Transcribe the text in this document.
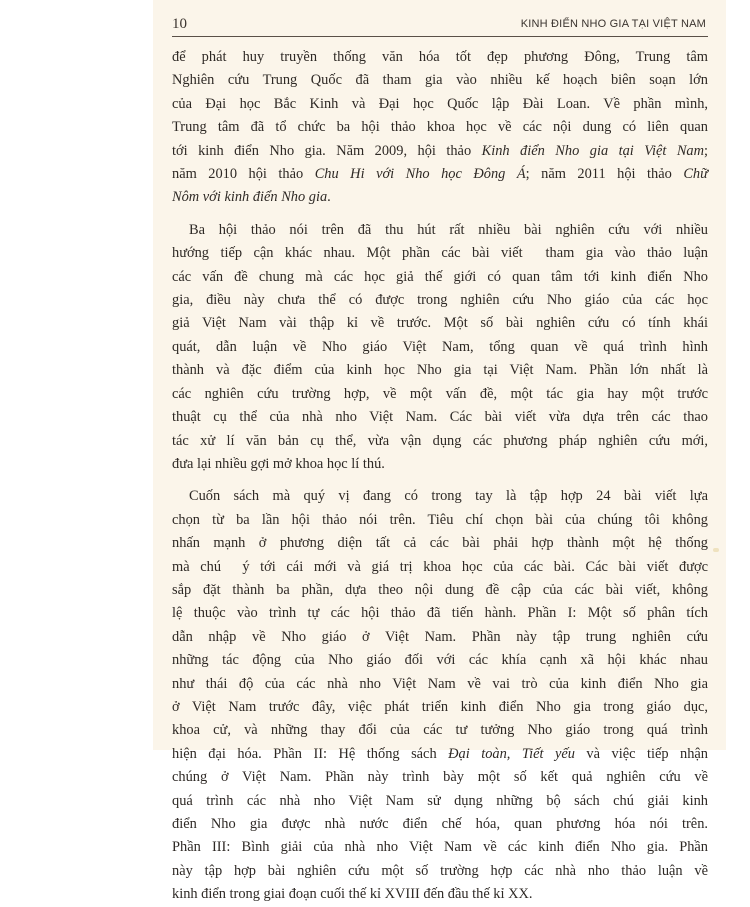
10	KINH ĐIỂN NHO GIA TẠI VIỆT NAM
để phát huy truyền thống văn hóa tốt đẹp phương Đông, Trung tâm
Nghiên cứu Trung Quốc đã tham gia vào nhiều kế hoạch biên soạn lớn
của Đại học Bắc Kinh và Đại học Quốc lập Đài Loan. Về phần mình,
Trung tâm đã tổ chức ba hội thảo khoa học về các nội dung có liên quan
tới kinh điển Nho gia. Năm 2009, hội thảo Kinh điển Nho gia tại Việt Nam;
năm 2010 hội thảo Chu Hi với Nho học Đông Á; năm 2011 hội thảo Chữ
Nôm với kinh điển Nho gia.
Ba hội thảo nói trên đã thu hút rất nhiều bài nghiên cứu với nhiều
hướng tiếp cận khác nhau. Một phần các bài viết  tham gia vào thảo luận
các vấn đề chung mà các học giả thế giới có quan tâm tới kinh điển Nho
gia, điều này chưa thể có được trong nghiên cứu Nho giáo của các học
giả Việt Nam vài thập kỉ về trước. Một số bài nghiên cứu có tính khái
quát, dẫn luận về Nho giáo Việt Nam, tổng quan về quá trình hình
thành và đặc điểm của kinh học Nho gia tại Việt Nam. Phần lớn nhất là
các nghiên cứu trường hợp, về một vấn đề, một tác gia hay một trước
thuật cụ thể của nhà nho Việt Nam. Các bài viết vừa dựa trên các thao
tác xử lí văn bản cụ thể, vừa vận dụng các phương pháp nghiên cứu mới,
đưa lại nhiều gợi mở khoa học lí thú.
Cuốn sách mà quý vị đang có trong tay là tập hợp 24 bài viết lựa
chọn từ ba lần hội thảo nói trên. Tiêu chí chọn bài của chúng tôi không
nhấn mạnh ở phương diện tất cả các bài phải hợp thành một hệ thống
mà chú  ý tới cái mới và giá trị khoa học của các bài. Các bài viết được
sắp đặt thành ba phần, dựa theo nội dung đề cập của các bài viết, không
lệ thuộc vào trình tự các hội thảo đã tiến hành. Phần I: Một số phân tích
dẫn nhập về Nho giáo ở Việt Nam. Phần này tập trung nghiên cứu
những tác động của Nho giáo đối với các khía cạnh xã hội khác nhau
như thái độ của các nhà nho Việt Nam về vai trò của kinh điển Nho gia
ở Việt Nam trước đây, việc phát triển kinh điển Nho gia trong giáo dục,
khoa cử, và những thay đổi của các tư tưởng Nho giáo trong quá trình
hiện đại hóa. Phần II: Hệ thống sách Đại toàn, Tiết yếu và việc tiếp nhận
chúng ở Việt Nam. Phần này trình bày một số kết quả nghiên cứu về
quá trình các nhà nho Việt Nam sử dụng những bộ sách chú giải kinh
điển Nho gia được nhà nước điển chế hóa, quan phương hóa nói trên.
Phần III: Bình giải của nhà nho Việt Nam về các kinh điển Nho gia. Phần
này tập hợp bài nghiên cứu một số trường hợp các nhà nho thảo luận về
kinh điển trong giai đoạn cuối thế kỉ XVIII đến đầu thế kỉ XX.
